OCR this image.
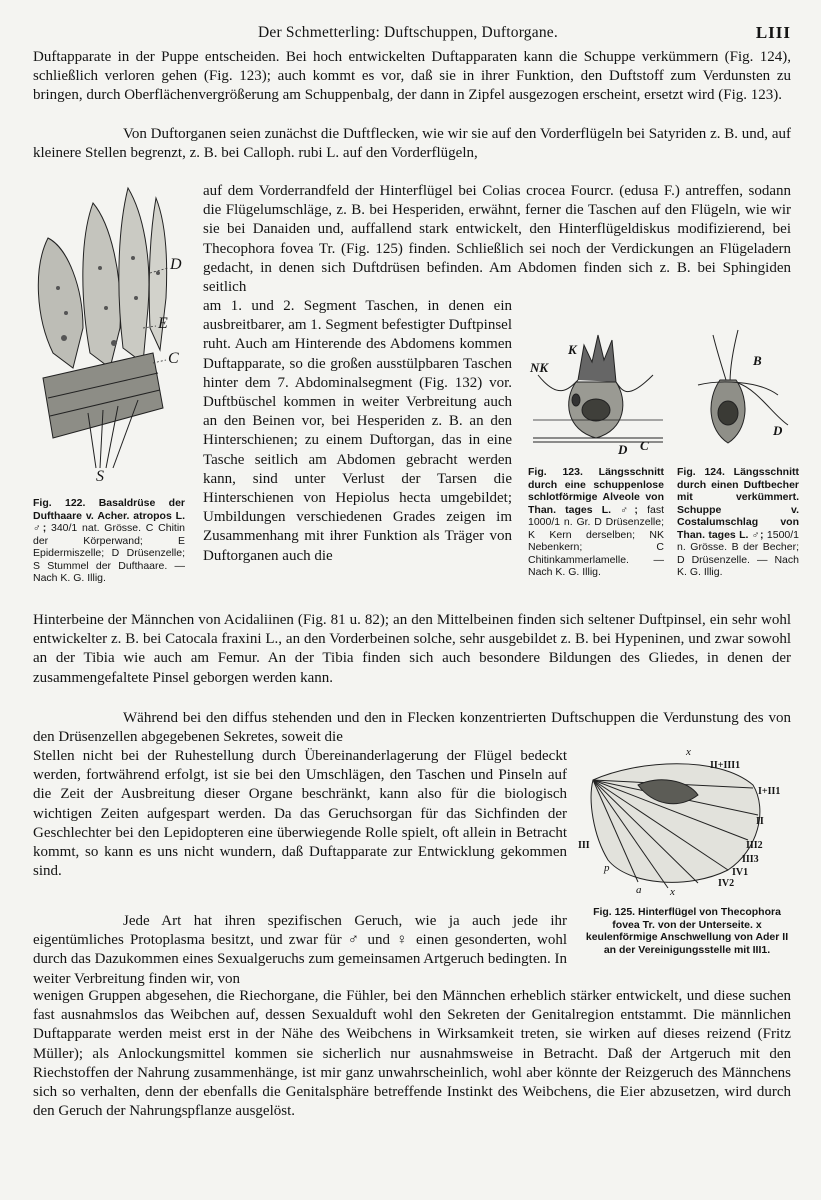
Der Schmetterling: Duftschuppen, Duftorgane.	LIII

Duftapparate in der Puppe entscheiden. Bei hoch entwickelten Duftapparaten kann die Schuppe verkümmern (Fig. 124), schließlich verloren gehen (Fig. 123); auch kommt es vor, daß sie in ihrer Funktion, den Duftstoff zum Verdunsten zu bringen, durch Oberflächenvergrößerung am Schuppenbalg, der dann in Zipfel ausgezogen erscheint, ersetzt wird (Fig. 123).

Von Duftorganen seien zunächst die Duftflecken, wie wir sie auf den Vorderflügeln bei Satyriden z. B. und, auf kleinere Stellen begrenzt, z. B. bei Calloph. rubi L. auf den Vorderflügeln,

auf dem Vorderrandfeld der Hinterflügel bei Colias crocea Fourcr. (edusa F.) antreffen, sodann die Flügelumschläge, z. B. bei Hesperiden, erwähnt, ferner die Taschen auf den Flügeln, wie wir sie bei Danaiden und, auffallend stark entwickelt, den Hinterflügeldiskus modifizierend, bei Thecophora fovea Tr. (Fig. 125) finden. Schließlich sei noch der Verdickungen an Flügeladern gedacht, in denen sich Duftdrüsen befinden. Am Abdomen finden sich z. B. bei Sphingiden seitlich

am 1. und 2. Segment Taschen, in denen ein ausbreitbarer, am 1. Segment befestigter Duftpinsel ruht. Auch am Hinterende des Abdomens kommen Duftapparate, so die großen ausstülpbaren Taschen hinter dem 7. Abdominalsegment (Fig. 132) vor. Duftbüschel kommen in weiter Verbreitung auch an den Beinen vor, bei Hesperiden z. B. an den Hinterschienen; zu einem Duftorgan, das in eine Tasche seitlich am Abdomen gebracht werden kann, sind unter Verlust der Tarsen die Hinterschienen von Hepiolus hecta umgebildet; Umbildungen verschiedenen Grades zeigen im Zusammenhang mit ihrer Funktion als Träger von Duftorganen auch die

Hinterbeine der Männchen von Acidaliinen (Fig. 81 u. 82); an den Mittelbeinen finden sich seltener Duftpinsel, ein sehr wohl entwickelter z. B. bei Catocala fraxini L., an den Vorderbeinen solche, sehr ausgebildet z. B. bei Hypeninen, und zwar sowohl an der Tibia wie auch am Femur. An der Tibia finden sich auch besondere Bildungen des Gliedes, in denen der zusammengefaltete Pinsel geborgen werden kann.

Während bei den diffus stehenden und den in Flecken konzentrierten Duftschuppen die Verdunstung des von den Drüsenzellen abgegebenen Sekretes, soweit die

Stellen nicht bei der Ruhestellung durch Übereinanderlagerung der Flügel bedeckt werden, fortwährend erfolgt, ist sie bei den Umschlägen, den Taschen und Pinseln auf die Zeit der Ausbreitung dieser Organe beschränkt, kann also für die biologisch wichtigen Zeiten aufgespart werden. Da das Geruchsorgan für das Sichfinden der Geschlechter bei den Lepidopteren eine überwiegende Rolle spielt, oft allein in Betracht kommt, so kann es uns nicht wundern, daß Duftapparate zur Entwicklung gekommen sind.

Jede Art hat ihren spezifischen Geruch, wie ja auch jede ihr eigentümliches Protoplasma besitzt, und zwar für ♂ und ♀ einen gesonderten, wohl durch das Dazukommen eines Sexualgeruchs zum gemeinsamen Artgeruch bedingten. In weiter Verbreitung finden wir, von

wenigen Gruppen abgesehen, die Riechorgane, die Fühler, bei den Männchen erheblich stärker entwickelt, und diese suchen fast ausnahmslos das Weibchen auf, dessen Sexualduft wohl den Sekreten der Genitalregion entstammt. Die männlichen Duftapparate werden meist erst in der Nähe des Weibchens in Wirksamkeit treten, sie wirken auf dieses reizend (Fritz Müller); als Anlockungsmittel kommen sie sicherlich nur ausnahmsweise in Betracht. Daß der Artgeruch mit den Riechstoffen der Nahrung zusammenhänge, ist mir ganz unwahrscheinlich, wohl aber könnte der Reizgeruch des Männchens sich so verhalten, denn der ebenfalls die Genitalsphäre betreffende Instinkt des Weibchens, die Eier abzusetzen, wird durch den Geruch der Nahrungspflanze ausgelöst.

D
E
C
S
Fig. 122. Basaldrüse der Dufthaare v. Acher. atropos L. ♂; 340/1 nat. Grösse. C Chitin der Körperwand; E Epidermiszelle; D Drüsenzelle; S Stummel der Dufthaare. — Nach K. G. Illig.
NK
K
D C
Fig. 123. Längsschnitt durch eine schuppenlose schlotförmige Alveole von Than. tages L. ♂; fast 1000/1 n. Gr. D Drüsenzelle; K Kern derselben; NK Nebenkern; C Chitinkammerlamelle. — Nach K. G. Illig.
B
D
Fig. 124. Längsschnitt durch einen Duftbecher mit verkümmert. Schuppe v. Costalumschlag von Than. tages L. ♂; 1500/1 n. Grösse. B der Becher; D Drüsenzelle. — Nach K. G. Illig.
x
II+III1
I+II1
II
III	III2
III3
IV1
IV2
p
a	x
Fig. 125. Hinterflügel von Thecophora fovea Tr. von der Unterseite. x keulenförmige Anschwellung von Ader II an der Vereinigungsstelle mit III1.
